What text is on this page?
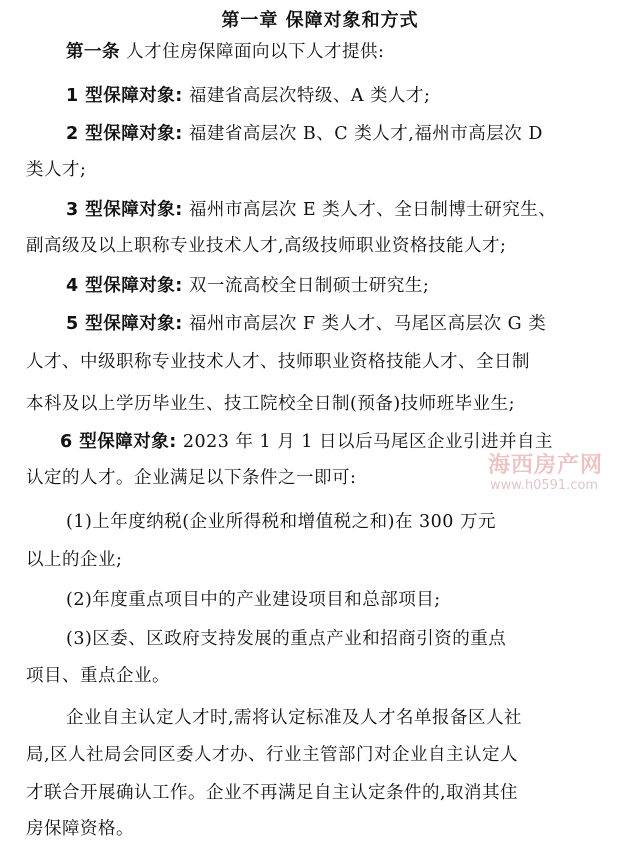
第一章 保障对象和方式
第一条 人才住房保障面向以下人才提供:
1 型保障对象: 福建省高层次特级、A 类人才;
2 型保障对象: 福建省高层次 B、C 类人才,福州市高层次 D
类人才;
3 型保障对象: 福州市高层次 E 类人才、全日制博士研究生、
副高级及以上职称专业技术人才,高级技师职业资格技能人才;
4 型保障对象: 双一流高校全日制硕士研究生;
5 型保障对象: 福州市高层次 F 类人才、马尾区高层次 G 类
人才、中级职称专业技术人才、技师职业资格技能人才、全日制
本科及以上学历毕业生、技工院校全日制(预备)技师班毕业生;
6 型保障对象: 2023 年 1 月 1 日以后马尾区企业引进并自主
认定的人才。企业满足以下条件之一即可:
(1)上年度纳税(企业所得税和增值税之和)在 300 万元
以上的企业;
(2)年度重点项目中的产业建设项目和总部项目;
(3)区委、区政府支持发展的重点产业和招商引资的重点
项目、重点企业。
企业自主认定人才时,需将认定标准及人才名单报备区人社
局,区人社局会同区委人才办、行业主管部门对企业自主认定人
才联合开展确认工作。企业不再满足自主认定条件的,取消其住
房保障资格。
海西房产网
www.h0591.com
